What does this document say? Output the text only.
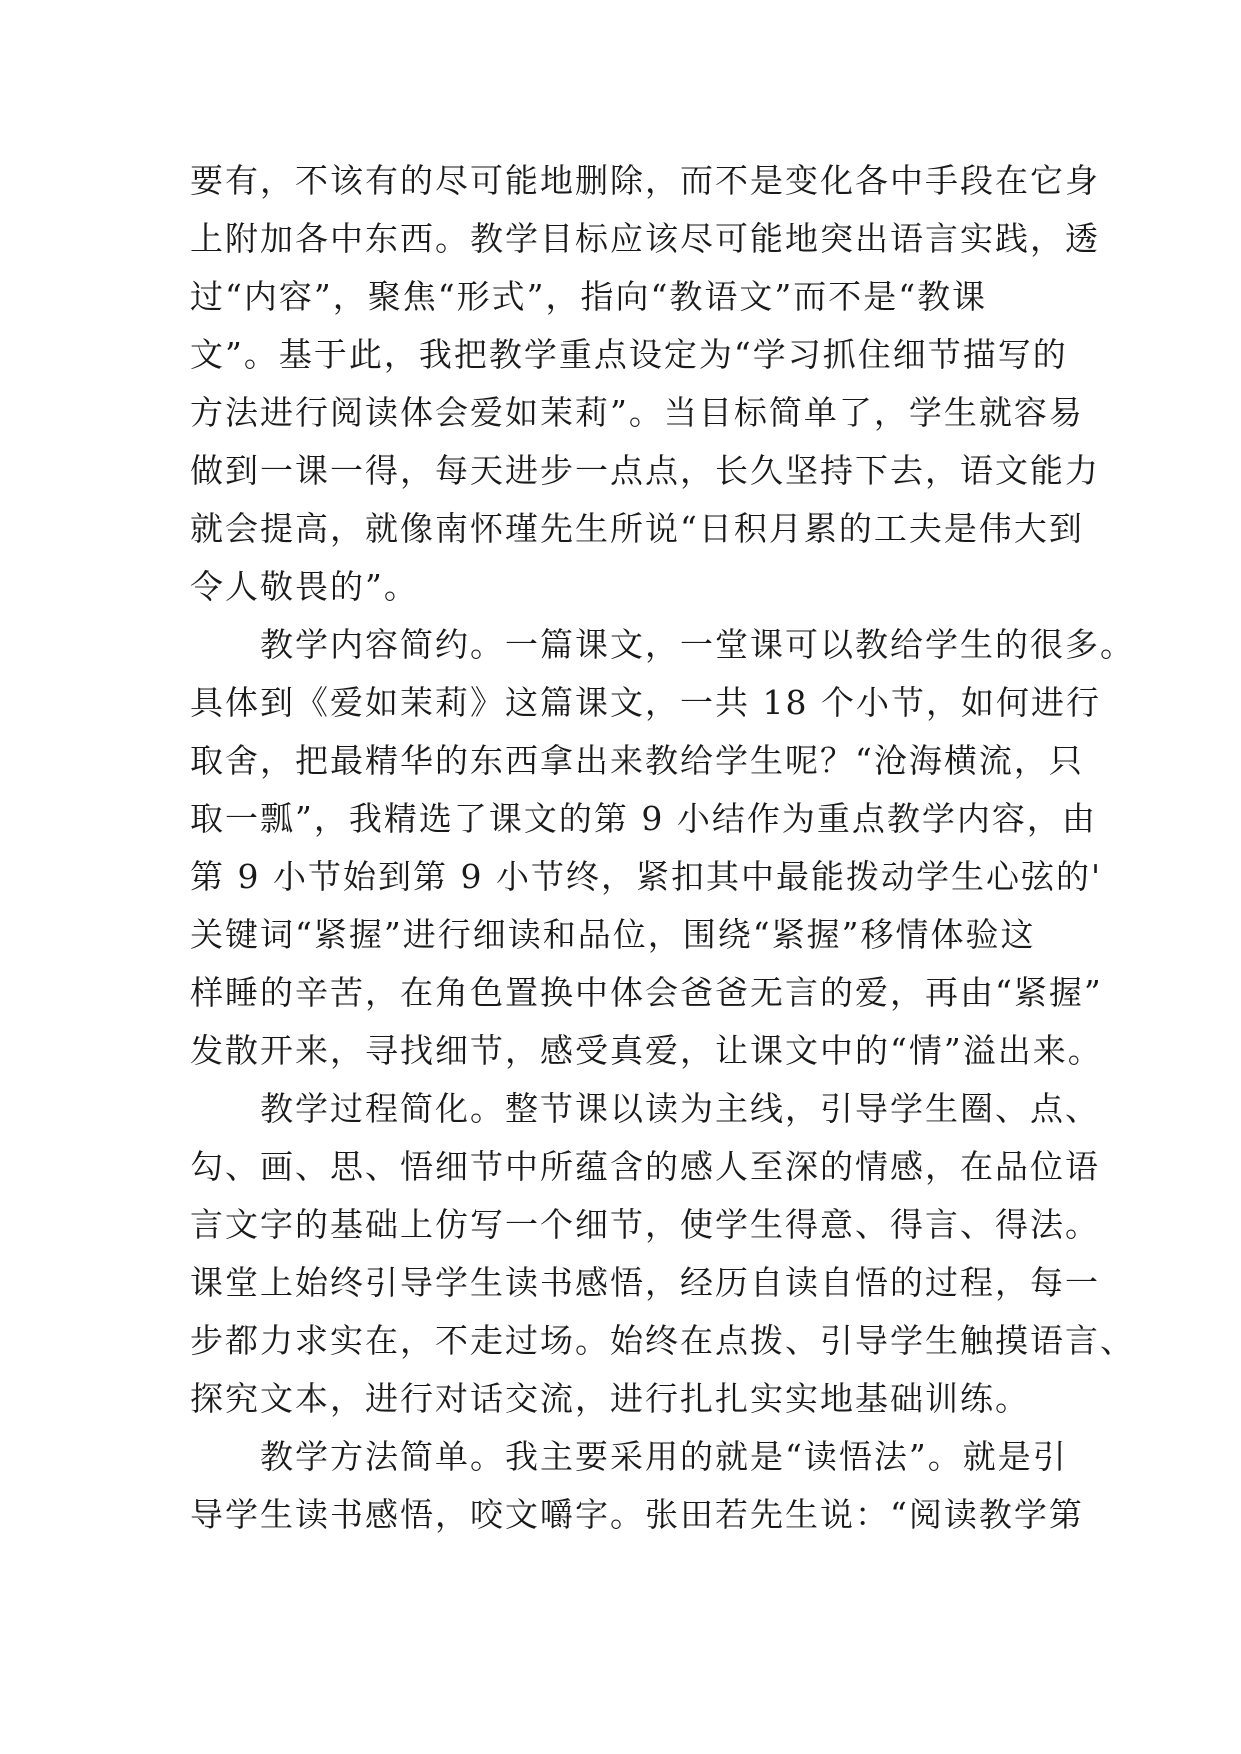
要有，不该有的尽可能地删除，而不是变化各中手段在它身
上附加各中东西。教学目标应该尽可能地突出语言实践，透
过“内容”，聚焦“形式”，指向“教语文”而不是“教课
文”。基于此，我把教学重点设定为“学习抓住细节描写的
方法进行阅读体会爱如茉莉”。当目标简单了，学生就容易
做到一课一得，每天进步一点点，长久坚持下去，语文能力
就会提高，就像南怀瑾先生所说“日积月累的工夫是伟大到
令人敬畏的”。
　　教学内容简约。一篇课文，一堂课可以教给学生的很多。
具体到《爱如茉莉》这篇课文，一共 18 个小节，如何进行
取舍，把最精华的东西拿出来教给学生呢？“沧海横流，只
取一瓢”，我精选了课文的第 9 小结作为重点教学内容，由
第 9 小节始到第 9 小节终，紧扣其中最能拨动学生心弦的'
关键词“紧握”进行细读和品位，围绕“紧握”移情体验这
样睡的辛苦，在角色置换中体会爸爸无言的爱，再由“紧握”
发散开来，寻找细节，感受真爱，让课文中的“情”溢出来。
　　教学过程简化。整节课以读为主线，引导学生圈、点、
勾、画、思、悟细节中所蕴含的感人至深的情感，在品位语
言文字的基础上仿写一个细节，使学生得意、得言、得法。
课堂上始终引导学生读书感悟，经历自读自悟的过程，每一
步都力求实在，不走过场。始终在点拨、引导学生触摸语言、
探究文本，进行对话交流，进行扎扎实实地基础训练。
　　教学方法简单。我主要采用的就是“读悟法”。就是引
导学生读书感悟，咬文嚼字。张田若先生说：“阅读教学第
